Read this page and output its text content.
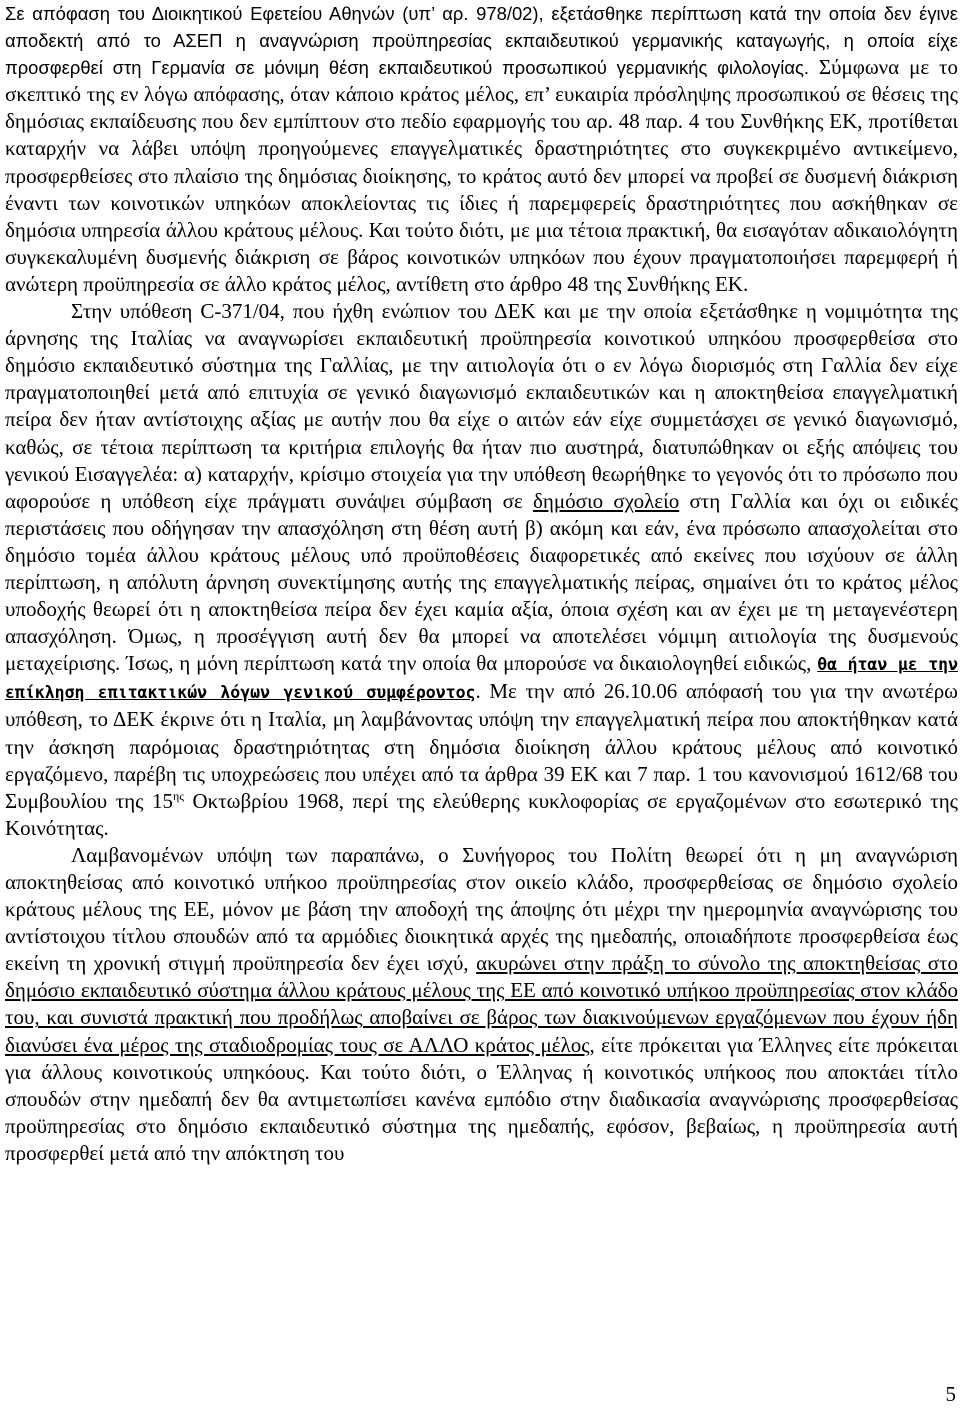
Σε απόφαση του Διοικητικού Εφετείου Αθηνών (υπ’ αρ. 978/02), εξετάσθηκε περίπτωση κατά την οποία δεν έγινε αποδεκτή από το ΑΣΕΠ η αναγνώριση προϋπηρεσίας εκπαιδευτικού γερμανικής καταγωγής, η οποία είχε προσφερθεί στη Γερμανία σε μόνιμη θέση εκπαιδευτικού προσωπικού γερμανικής φιλολογίας. Σύμφωνα με το σκεπτικό της εν λόγω απόφασης, όταν κάποιο κράτος μέλος, επ’ ευκαιρία πρόσληψης προσωπικού σε θέσεις της δημόσιας εκπαίδευσης που δεν εμπίπτουν στο πεδίο εφαρμογής του αρ. 48 παρ. 4 του Συνθήκης ΕΚ, προτίθεται καταρχήν να λάβει υπόψη προηγούμενες επαγγελματικές δραστηριότητες στο συγκεκριμένο αντικείμενο, προσφερθείσες στο πλαίσιο της δημόσιας διοίκησης, το κράτος αυτό δεν μπορεί να προβεί σε δυσμενή διάκριση έναντι των κοινοτικών υπηκόων αποκλείοντας τις ίδιες ή παρεμφερείς δραστηριότητες που ασκήθηκαν σε δημόσια υπηρεσία άλλου κράτους μέλους. Και τούτο διότι, με μια τέτοια πρακτική, θα εισαγόταν αδικαιολόγητη συγκεκαλυμένη δυσμενής διάκριση σε βάρος κοινοτικών υπηκόων που έχουν πραγματοποιήσει παρεμφερή ή ανώτερη προϋπηρεσία σε άλλο κράτος μέλος, αντίθετη στο άρθρο 48 της Συνθήκης ΕΚ.

Στην υπόθεση C-371/04, που ήχθη ενώπιον του ΔΕΚ και με την οποία εξετάσθηκε η νομιμότητα της άρνησης της Ιταλίας να αναγνωρίσει εκπαιδευτική προϋπηρεσία κοινοτικού υπηκόου προσφερθείσα στο δημόσιο εκπαιδευτικό σύστημα της Γαλλίας, με την αιτιολογία ότι ο εν λόγω διορισμός στη Γαλλία δεν είχε πραγματοποιηθεί μετά από επιτυχία σε γενικό διαγωνισμό εκπαιδευτικών και η αποκτηθείσα επαγγελματική πείρα δεν ήταν αντίστοιχης αξίας με αυτήν που θα είχε ο αιτών εάν είχε συμμετάσχει σε γενικό διαγωνισμό, καθώς, σε τέτοια περίπτωση τα κριτήρια επιλογής θα ήταν πιο αυστηρά, διατυπώθηκαν οι εξής απόψεις του γενικού Εισαγγελέα: α) καταρχήν, κρίσιμο στοιχεία για την υπόθεση θεωρήθηκε το γεγονός ότι το πρόσωπο που αφορούσε η υπόθεση είχε πράγματι συνάψει σύμβαση σε δημόσιο σχολείο στη Γαλλία και όχι οι ειδικές περιστάσεις που οδήγησαν την απασχόληση στη θέση αυτή β) ακόμη και εάν, ένα πρόσωπο απασχολείται στο δημόσιο τομέα άλλου κράτους μέλους υπό προϋποθέσεις διαφορετικές από εκείνες που ισχύουν σε άλλη περίπτωση, η απόλυτη άρνηση συνεκτίμησης αυτής της επαγγελματικής πείρας, σημαίνει ότι το κράτος μέλος υποδοχής θεωρεί ότι η αποκτηθείσα πείρα δεν έχει καμία αξία, όποια σχέση και αν έχει με τη μεταγενέστερη απασχόληση. Όμως, η προσέγγιση αυτή δεν θα μπορεί να αποτελέσει νόμιμη αιτιολογία της δυσμενούς μεταχείρισης. Ίσως, η μόνη περίπτωση κατά την οποία θα μπορούσε να δικαιολογηθεί ειδικώς, θα ήταν με την επίκληση επιτακτικών λόγων γενικού συμφέροντος. Με την από 26.10.06 απόφασή του για την ανωτέρω υπόθεση, το ΔΕΚ έκρινε ότι η Ιταλία, μη λαμβάνοντας υπόψη την επαγγελματική πείρα που αποκτήθηκαν κατά την άσκηση παρόμοιας δραστηριότητας στη δημόσια διοίκηση άλλου κράτους μέλους από κοινοτικό εργαζόμενο, παρέβη τις υποχρεώσεις που υπέχει από τα άρθρα 39 ΕΚ και 7 παρ. 1 του κανονισμού 1612/68 του Συμβουλίου της $15^{\eta\varsigma}$ Οκτωβρίου 1968, περί της ελεύθερης κυκλοφορίας σε εργαζομένων στο εσωτερικό της Κοινότητας.

Λαμβανομένων υπόψη των παραπάνω, ο Συνήγορος του Πολίτη θεωρεί ότι η μη αναγνώριση αποκτηθείσας από κοινοτικό υπήκοο προϋπηρεσίας στον οικείο κλάδο, προσφερθείσας σε δημόσιο σχολείο κράτους μέλους της ΕΕ, μόνον με βάση την αποδοχή της άποψης ότι μέχρι την ημερομηνία αναγνώρισης του αντίστοιχου τίτλου σπουδών από τα αρμόδιες διοικητικά αρχές της ημεδαπής, οποιαδήποτε προσφερθείσα έως εκείνη τη χρονική στιγμή προϋπηρεσία δεν έχει ισχύ, ακυρώνει στην πράξη το σύνολο της αποκτηθείσας στο δημόσιο εκπαιδευτικό σύστημα άλλου κράτους μέλους της ΕΕ από κοινοτικό υπήκοο προϋπηρεσίας στον κλάδο του, και συνιστά πρακτική που προδήλως αποβαίνει σε βάρος των διακινούμενων εργαζόμενων που έχουν ήδη διανύσει ένα μέρος της σταδιοδρομίας τους σε ΑΛΛΟ κράτος μέλος, είτε πρόκειται για Έλληνες είτε πρόκειται για άλλους κοινοτικούς υπηκόους. Και τούτο διότι, ο Έλληνας ή κοινοτικός υπήκοος που αποκτάει τίτλο σπουδών στην ημεδαπή δεν θα αντιμετωπίσει κανένα εμπόδιο στην διαδικασία αναγνώρισης προσφερθείσας προϋπηρεσίας στο δημόσιο εκπαιδευτικό σύστημα της ημεδαπής, εφόσον, βεβαίως, η προϋπηρεσία αυτή προσφερθεί μετά από την απόκτηση του

5
